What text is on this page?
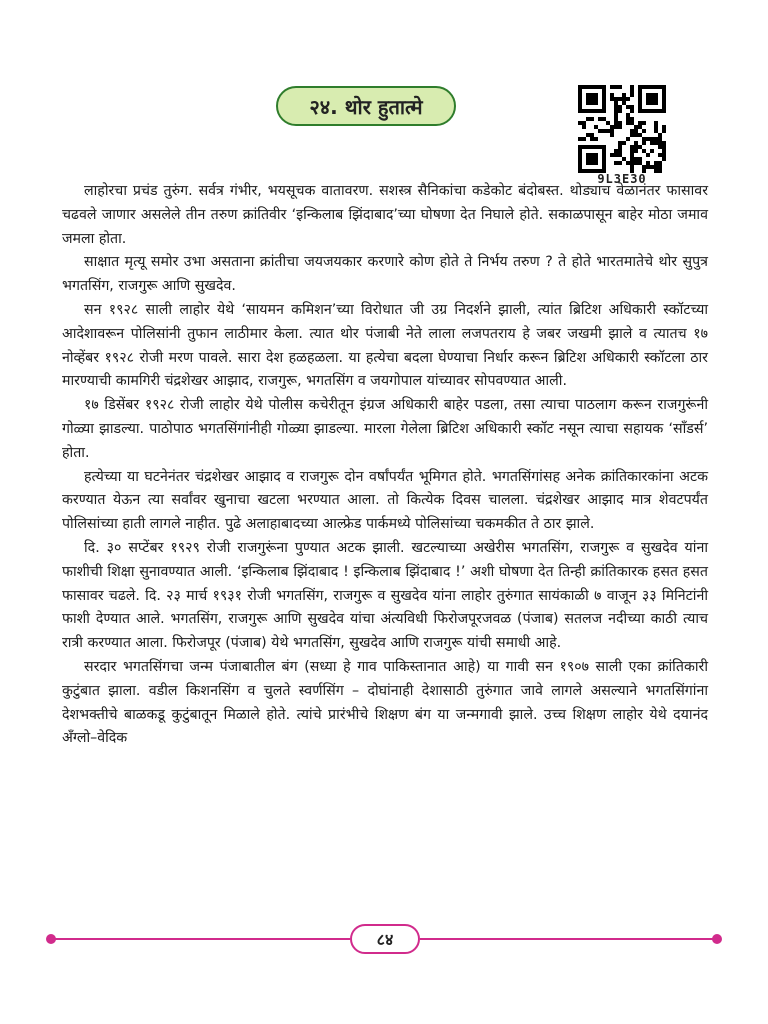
२४. थोर हुतात्मे
9L3E30

लाहोरचा प्रचंड तुरुंग. सर्वत्र गंभीर, भयसूचक वातावरण. सशस्त्र सैनिकांचा कडेकोट बंदोबस्त. थोड्याच वेळानंतर फासावर चढवले जाणार असलेले तीन तरुण क्रांतिवीर ‘इन्किलाब झिंदाबाद’च्या घोषणा देत निघाले होते. सकाळपासून बाहेर मोठा जमाव जमला होता.

साक्षात मृत्यू समोर उभा असताना क्रांतीचा जयजयकार करणारे कोण होते ते निर्भय तरुण ? ते होते भारतमातेचे थोर सुपुत्र भगतसिंग, राजगुरू आणि सुखदेव.

सन १९२८ साली लाहोर येथे ‘सायमन कमिशन’च्या विरोधात जी उग्र निदर्शने झाली, त्यांत ब्रिटिश अधिकारी स्कॉटच्या आदेशावरून पोलिसांनी तुफान लाठीमार केला. त्यात थोर पंजाबी नेते लाला लजपतराय हे जबर जखमी झाले व त्यातच १७ नोव्हेंबर १९२८ रोजी मरण पावले. सारा देश हळहळला. या हत्येचा बदला घेण्याचा निर्धार करून ब्रिटिश अधिकारी स्कॉटला ठार मारण्याची कामगिरी चंद्रशेखर आझाद, राजगुरू, भगतसिंग व जयगोपाल यांच्यावर सोपवण्यात आली.

१७ डिसेंबर १९२८ रोजी लाहोर येथे पोलीस कचेरीतून इंग्रज अधिकारी बाहेर पडला, तसा त्याचा पाठलाग करून राजगुरूंनी गोळ्या झाडल्या. पाठोपाठ भगतसिंगांनीही गोळ्या झाडल्या. मारला गेलेला ब्रिटिश अधिकारी स्कॉट नसून त्याचा सहायक ‘साँडर्स’ होता.

हत्येच्या या घटनेनंतर चंद्रशेखर आझाद व राजगुरू दोन वर्षांपर्यंत भूमिगत होते. भगतसिंगांसह अनेक क्रांतिकारकांना अटक करण्यात येऊन त्या सर्वांवर खुनाचा खटला भरण्यात आला. तो कित्येक दिवस चालला. चंद्रशेखर आझाद मात्र शेवटपर्यंत पोलिसांच्या हाती लागले नाहीत. पुढे अलाहाबादच्या आल्फ्रेड पार्कमध्ये पोलिसांच्या चकमकीत ते ठार झाले.

दि. ३० सप्टेंबर १९२९ रोजी राजगुरूंना पुण्यात अटक झाली. खटल्याच्या अखेरीस भगतसिंग, राजगुरू व सुखदेव यांना फाशीची शिक्षा सुनावण्यात आली. ‘इन्किलाब झिंदाबाद ! इन्किलाब झिंदाबाद !’ अशी घोषणा देत तिन्ही क्रांतिकारक हसत हसत फासावर चढले. दि. २३ मार्च १९३१ रोजी भगतसिंग, राजगुरू व सुखदेव यांना लाहोर तुरुंगात सायंकाळी ७ वाजून ३३ मिनिटांनी फाशी देण्यात आले. भगतसिंग, राजगुरू आणि सुखदेव यांचा अंत्यविधी फिरोजपूरजवळ (पंजाब) सतलज नदीच्या काठी त्याच रात्री करण्यात आला. फिरोजपूर (पंजाब) येथे भगतसिंग, सुखदेव आणि राजगुरू यांची समाधी आहे.

सरदार भगतसिंगचा जन्म पंजाबातील बंग (सध्या हे गाव पाकिस्तानात आहे) या गावी सन १९०७ साली एका क्रांतिकारी कुटुंबात झाला. वडील किशनसिंग व चुलते स्वर्णसिंग – दोघांनाही देशासाठी तुरुंगात जावे लागले असल्याने भगतसिंगांना देशभक्तीचे बाळकडू कुटुंबातून मिळाले होते. त्यांचे प्रारंभीचे शिक्षण बंग या जन्मगावी झाले. उच्च शिक्षण लाहोर येथे दयानंद अँग्लो–वेदिक

८४
